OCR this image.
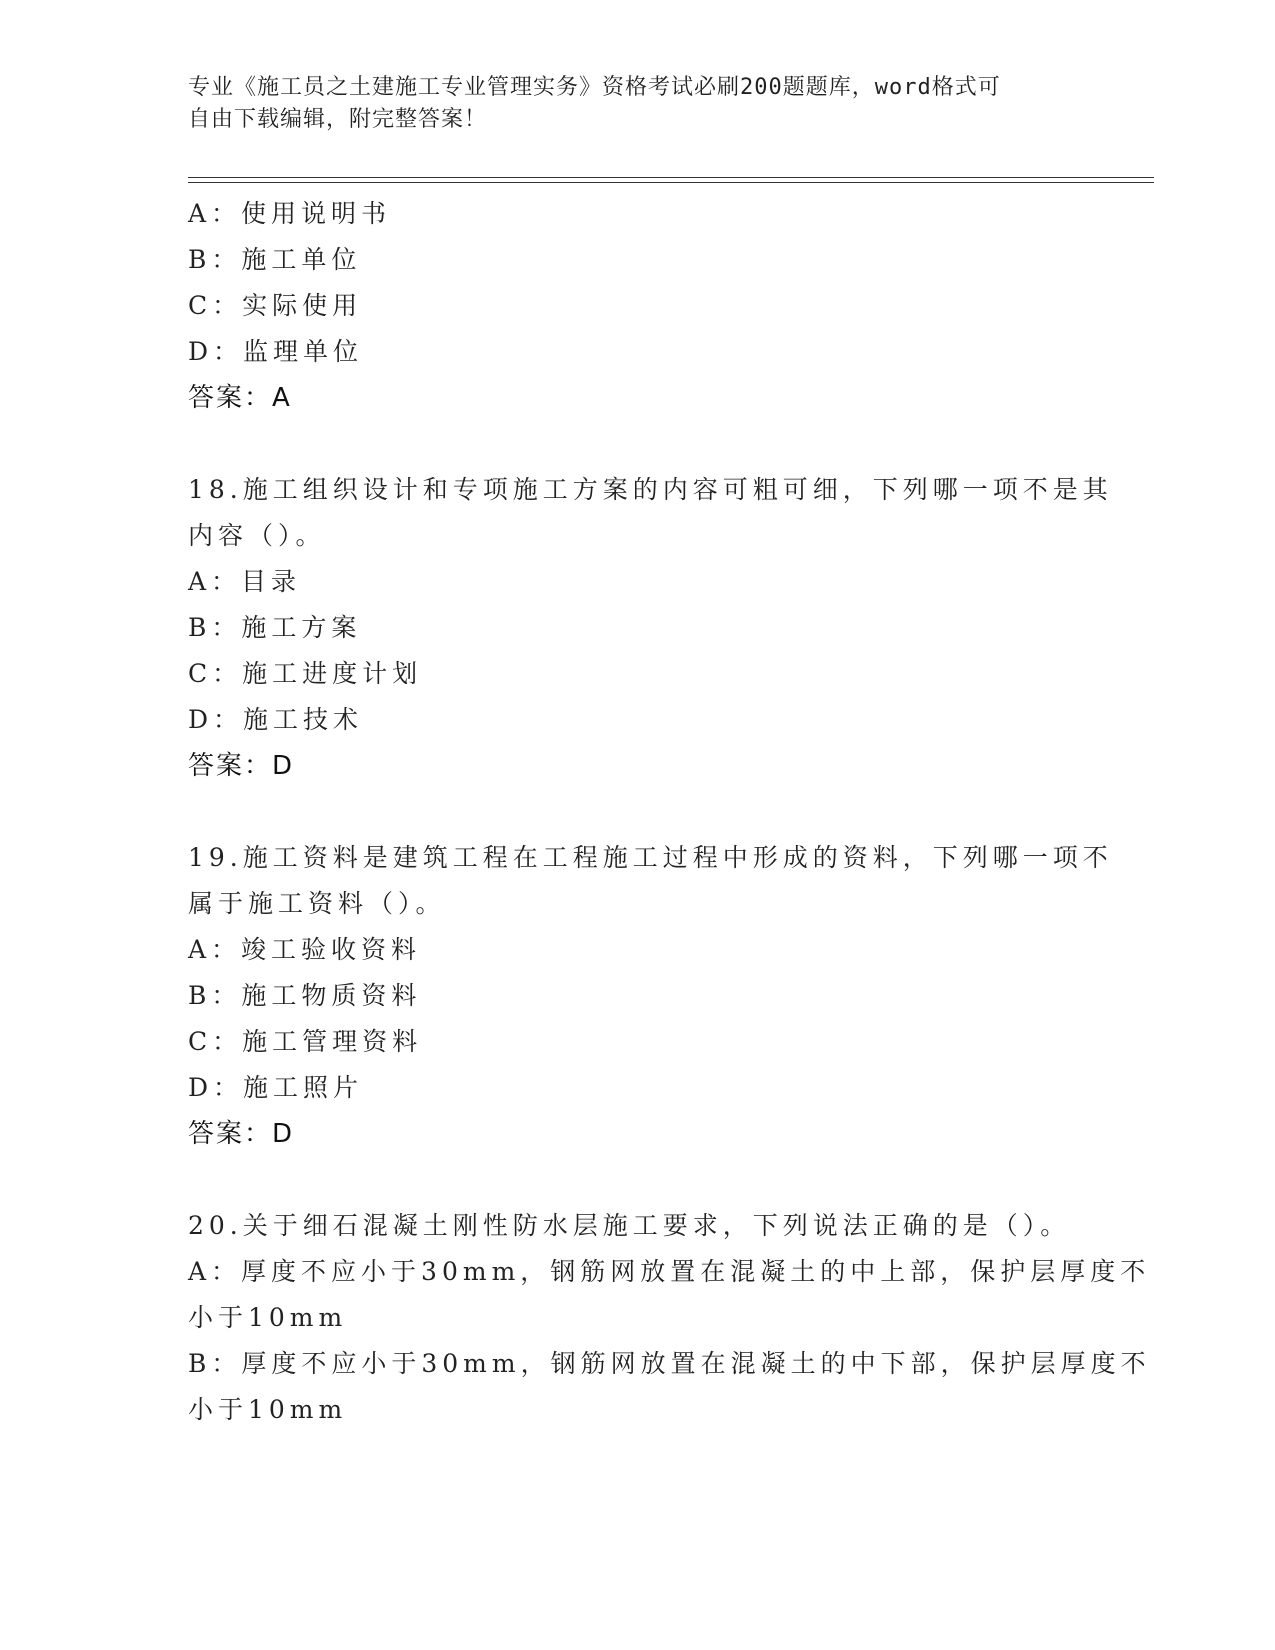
专业《施工员之土建施工专业管理实务》资格考试必刷200题题库，word格式可
自由下载编辑，附完整答案！
A：使用说明书
B：施工单位
C：实际使用
D：监理单位
答案：A
18.施工组织设计和专项施工方案的内容可粗可细，下列哪一项不是其
内容（）。
A：目录
B：施工方案
C：施工进度计划
D：施工技术
答案：D
19.施工资料是建筑工程在工程施工过程中形成的资料，下列哪一项不
属于施工资料（）。
A：竣工验收资料
B：施工物质资料
C：施工管理资料
D：施工照片
答案：D
20.关于细石混凝土刚性防水层施工要求，下列说法正确的是（）。
A：厚度不应小于30mm，钢筋网放置在混凝土的中上部，保护层厚度不
小于10mm
B：厚度不应小于30mm，钢筋网放置在混凝土的中下部，保护层厚度不
小于10mm
